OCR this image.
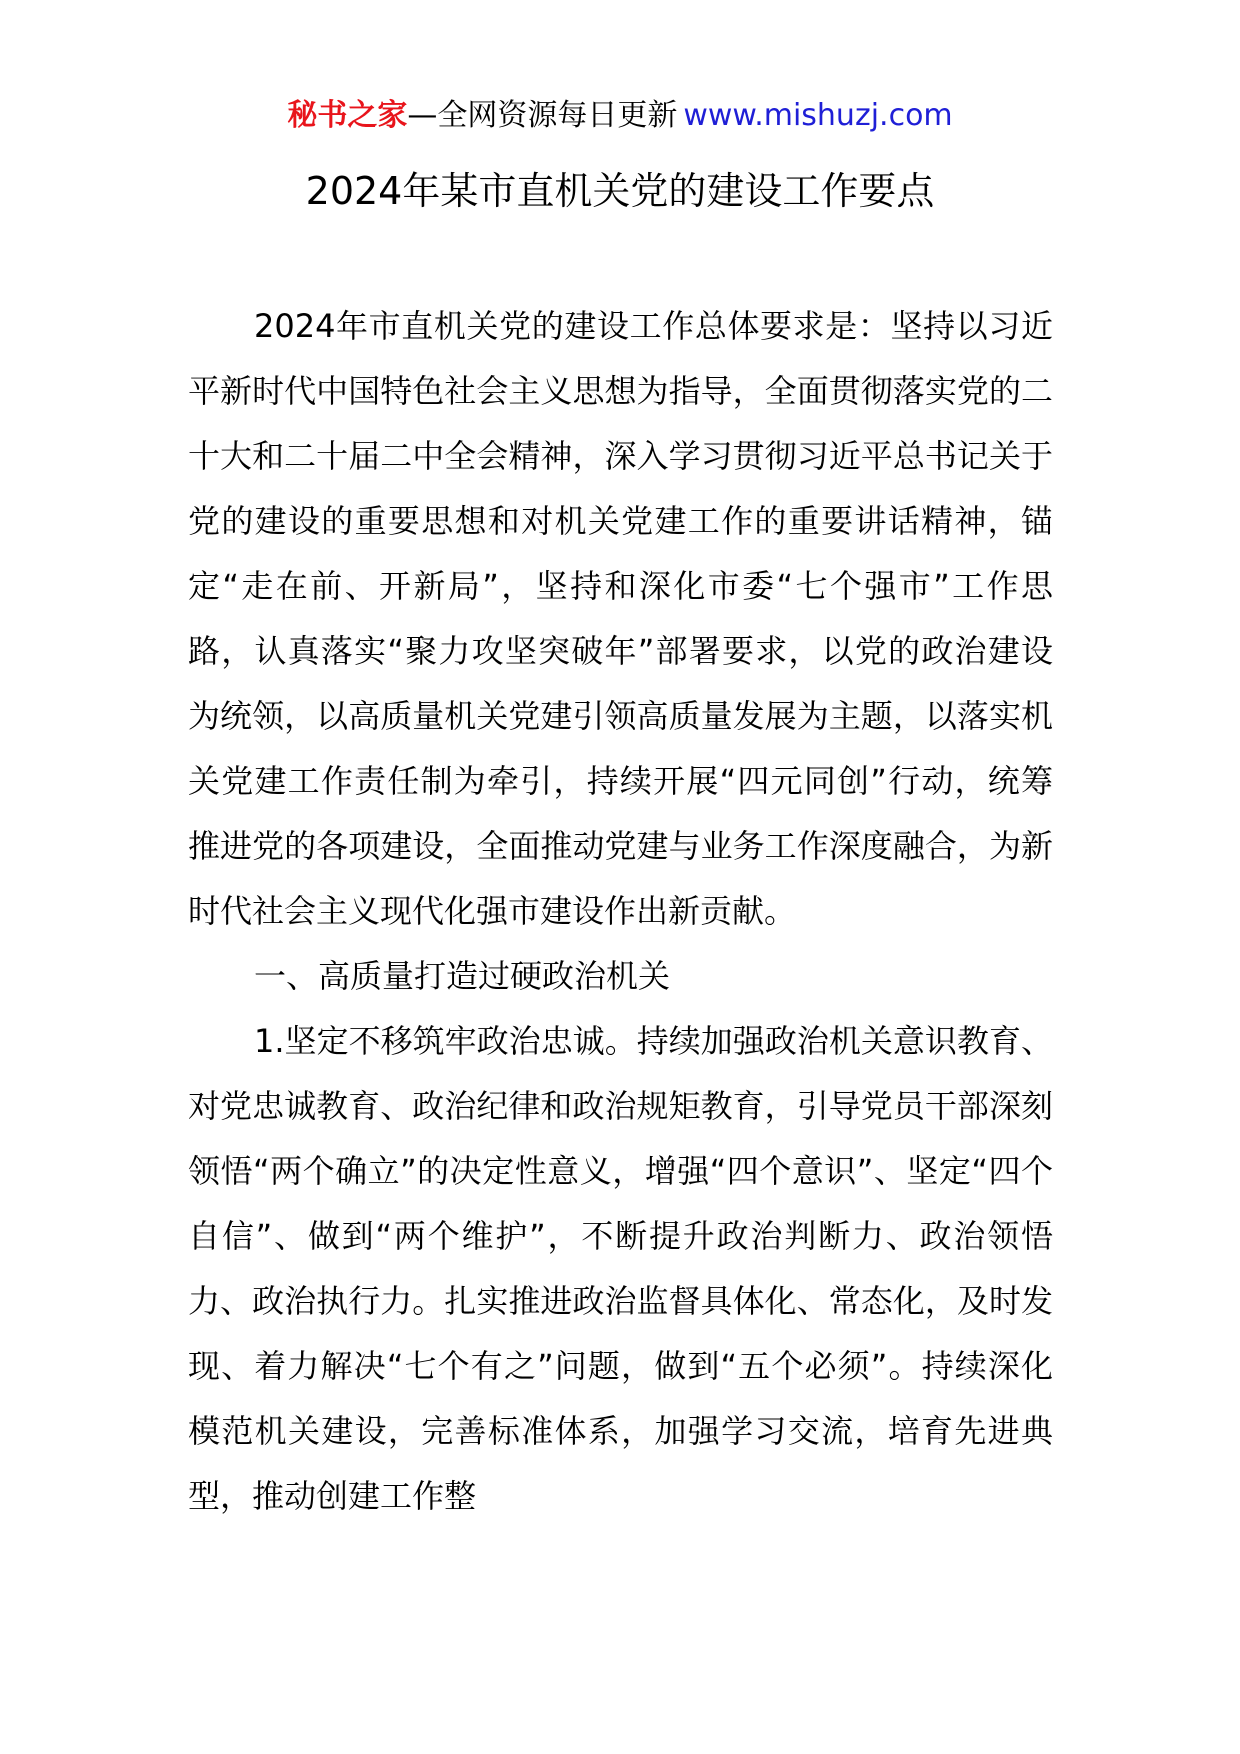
秘书之家—全网资源每日更新 www.mishuzj.com
2024年某市直机关党的建设工作要点

2024年市直机关党的建设工作总体要求是：坚持以习近平新时代中国特色社会主义思想为指导，全面贯彻落实党的二十大和二十届二中全会精神，深入学习贯彻习近平总书记关于党的建设的重要思想和对机关党建工作的重要讲话精神，锚定“走在前、开新局”，坚持和深化市委“七个强市”工作思路，认真落实“聚力攻坚突破年”部署要求，以党的政治建设为统领，以高质量机关党建引领高质量发展为主题，以落实机关党建工作责任制为牵引，持续开展“四元同创”行动，统筹推进党的各项建设，全面推动党建与业务工作深度融合，为新时代社会主义现代化强市建设作出新贡献。

一、高质量打造过硬政治机关

1.坚定不移筑牢政治忠诚。持续加强政治机关意识教育、对党忠诚教育、政治纪律和政治规矩教育，引导党员干部深刻领悟“两个确立”的决定性意义，增强“四个意识”、坚定“四个自信”、做到“两个维护”，不断提升政治判断力、政治领悟力、政治执行力。扎实推进政治监督具体化、常态化，及时发现、着力解决“七个有之”问题，做到“五个必须”。持续深化模范机关建设，完善标准体系，加强学习交流，培育先进典型，推动创建工作整
